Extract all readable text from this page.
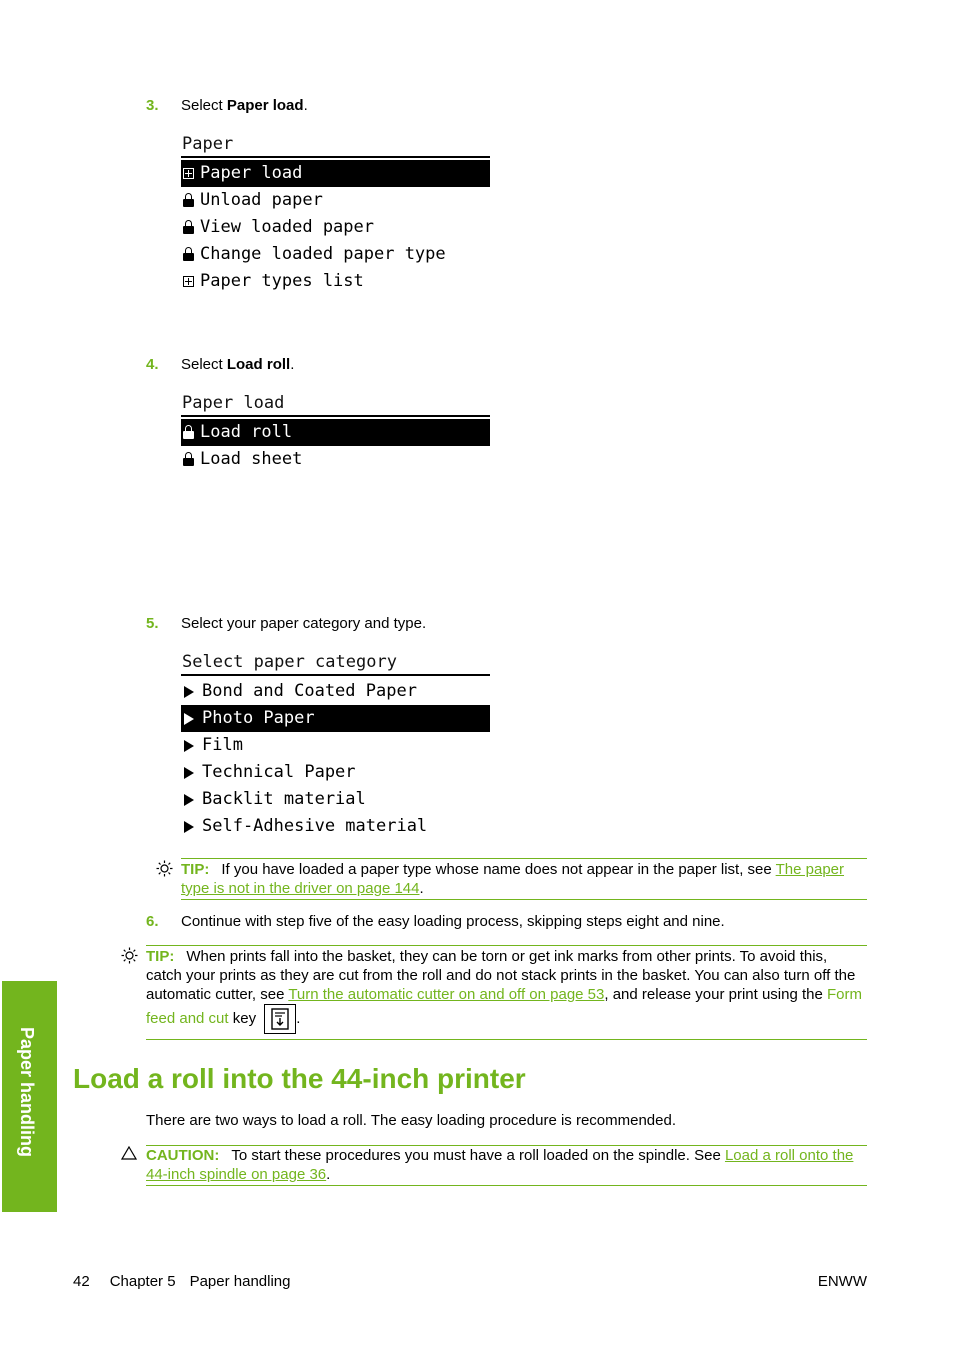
3. Select Paper load.
Paper
Paper load
Unload paper
View loaded paper
Change loaded paper type
Paper types list
4. Select Load roll.
Paper load
Load roll
Load sheet
5. Select your paper category and type.
Select paper category
Bond and Coated Paper
Photo Paper
Film
Technical Paper
Backlit material
Self-Adhesive material
TIP: If you have loaded a paper type whose name does not appear in the paper list, see The paper type is not in the driver on page 144.
6. Continue with step five of the easy loading process, skipping steps eight and nine.
TIP: When prints fall into the basket, they can be torn or get ink marks from other prints. To avoid this, catch your prints as they are cut from the roll and do not stack prints in the basket. You can also turn off the automatic cutter, see Turn the automatic cutter on and off on page 53, and release your print using the Form feed and cut key
.
Load a roll into the 44-inch printer
There are two ways to load a roll. The easy loading procedure is recommended.
CAUTION: To start these procedures you must have a roll loaded on the spindle. See Load a roll onto the 44-inch spindle on page 36.
Paper handling
42 Chapter 5 Paper handling	ENWW
